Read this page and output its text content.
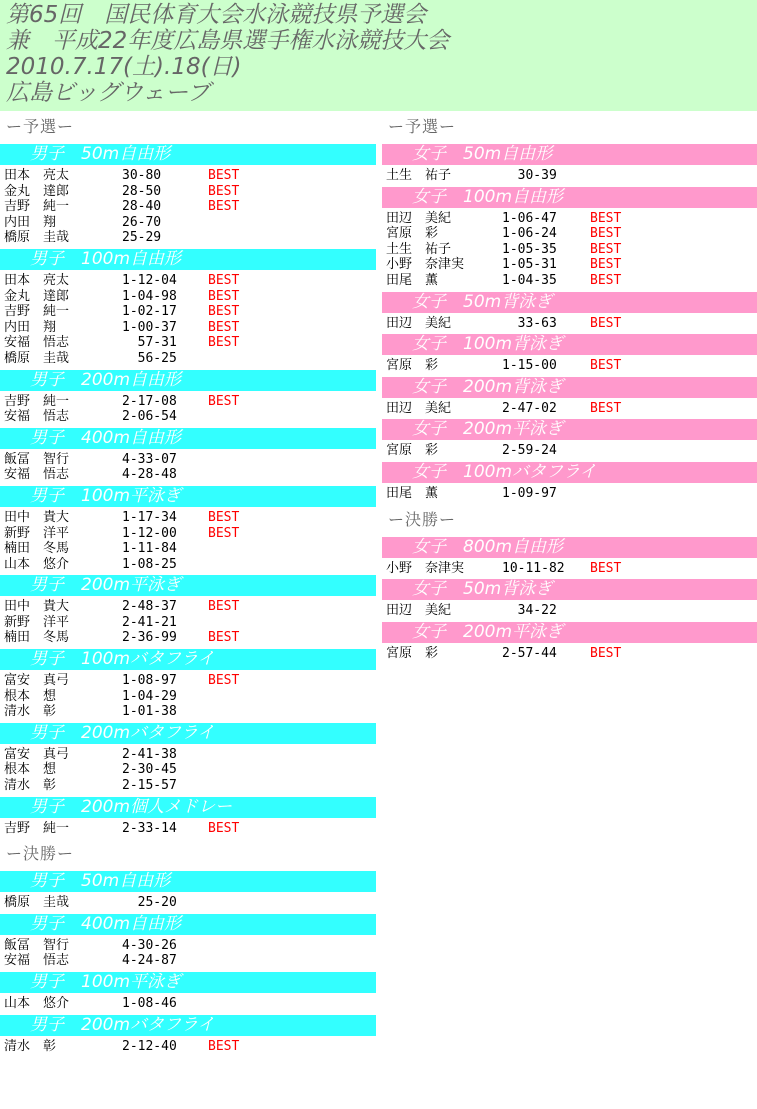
第65回　国民体育大会水泳競技県予選会
兼　平成22年度広島県選手権水泳競技大会
2010.7.17(土).18(日)
広島ビッグウェーブ
ー予選ー
男子　50m自由形
田本　亮太	30-80	BEST
金丸　達郎	28-50	BEST
吉野　純一	28-40	BEST
内田　翔	26-70
橋原　圭哉	25-29
男子　100m自由形
田本　亮太	1-12-04 BEST
金丸　達郎	1-04-98 BEST
吉野　純一	1-02-17 BEST
内田　翔	1-00-37 BEST
安福　悟志	57-31 BEST
橋原　圭哉	56-25
男子　200m自由形
吉野　純一	2-17-08 BEST
安福　悟志	2-06-54
男子　400m自由形
飯冨　智行	4-33-07
安福　悟志	4-28-48
男子　100m平泳ぎ
田中　貴大	1-17-34 BEST
新野　洋平	1-12-00 BEST
楠田　冬馬	1-11-84
山本　悠介	1-08-25
男子　200m平泳ぎ
田中　貴大	2-48-37 BEST
新野　洋平	2-41-21
楠田　冬馬	2-36-99 BEST
男子　100mバタフライ
富安　真弓	1-08-97 BEST
根本　想	1-04-29
清水　彰	1-01-38
男子　200mバタフライ
富安　真弓	2-41-38
根本　想	2-30-45
清水　彰	2-15-57
男子　200m個人メドレー
吉野　純一	2-33-14 BEST
ー決勝ー
男子　50m自由形
橋原　圭哉	25-20
男子　400m自由形
飯冨　智行	4-30-26
安福　悟志	4-24-87
男子　100m平泳ぎ
山本　悠介	1-08-46
男子　200mバタフライ
清水　彰	2-12-40 BEST
ー予選ー
女子　50m自由形
土生　祐子	30-39
女子　100m自由形
田辺　美紀	1-06-47	BEST
宮原　彩	1-06-24	BEST
土生　祐子	1-05-35	BEST
小野　奈津実	1-05-31	BEST
田尾　薫	1-04-35	BEST
女子　50m背泳ぎ
田辺　美紀	33-63	BEST
女子　100m背泳ぎ
宮原　彩	1-15-00	BEST
女子　200m背泳ぎ
田辺　美紀	2-47-02	BEST
女子　200m平泳ぎ
宮原　彩	2-59-24
女子　100mバタフライ
田尾　薫	1-09-97
ー決勝ー
女子　800m自由形
小野　奈津実	10-11-82 BEST
女子　50m背泳ぎ
田辺　美紀	34-22
女子　200m平泳ぎ
宮原　彩	2-57-44	BEST
